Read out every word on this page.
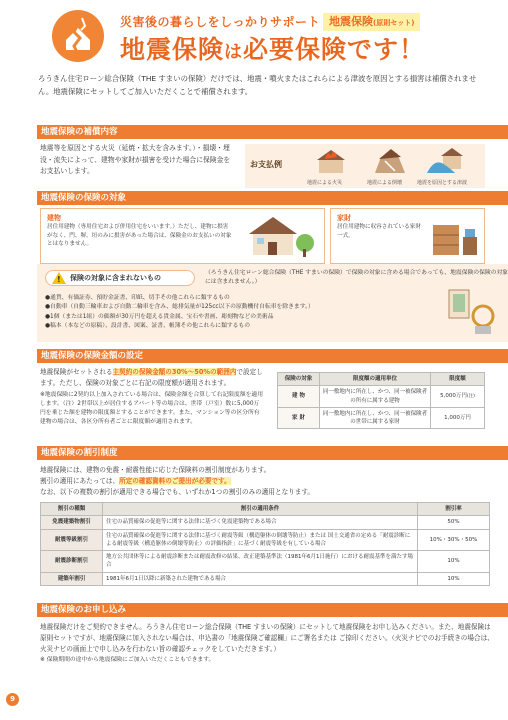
災害後の暮らしをしっかりサポート 地震保険(原則セット)
地震保険は必要保険です！
ろうきん住宅ローン総合保険（THE すまいの保険）だけでは、地震・噴火またはこれらによる津波を原因とする損害は補償されません。地震保険にセットしてご加入いただくことで補償されます。
地震保険の補償内容
地震等を原因とする火災（延焼・拡大を含みます。）・損壊・埋没・流失によって、建物や家財が損害を受けた場合に保険金をお支払いします。
お支払例
地震による火災	地震による倒壊	地震を原因とする津波
地震保険の保険の対象
建物
居住用建物（専用住宅および併用住宅をいいます。）ただし、建物に損害がなく、門、塀、垣のみに損害があった場合は、保険金のお支払いの対象とはなりません。
家財
居住用建物に収容されている家財一式。
!
保険の対象に含まれないもの
（ろうきん住宅ローン総合保険（THE すまいの保険）で保険の対象に含める場合であっても、地震保険の保険の対象には含まれません。）
●通貨、有価証券、預貯金証書、印紙、切手その他これらに類するもの
●自動車（自動三輪車および自動二輪車を含み、総排気量が125cc以下の原動機付自転車を除きます。）
●1個（または1組）の価額が30万円を超える貴金属、宝石や書画、彫刻物などの美術品
●稿本（本などの原稿）、設計書、図案、証書、帳簿その他これらに類するもの
地震保険の保険金額の設定

地震保険がセットされる主契約の保険金額の30%〜50%の範囲内で設定します。ただし、保険の対象ごとに右記の限度額が適用されます。

※地震保険に2契約以上加入されている場合は、保険金額を合算して右記限度額を適用します。（注）2世帯以上が居住するアパート等の場合は、世帯（戸室）数に5,000万円を乗じた額を建物の限度額とすることができます。また、マンション等の区分所有建物の場合は、各区分所有者ごとに限度額が適用されます。

保険の対象	限度額の適用単位	限度額
建 物	同一敷地内に所在し、かつ、同一被保険者の所有に属する建物	5,000万円(注)
家 財	同一敷地内に所在し、かつ、同一被保険者の世帯に属する家財	1,000万円
地震保険の割引制度
地震保険には、建物の免震・耐震性能に応じた保険料の割引制度があります。
割引の適用にあたっては、所定の確認資料のご提出が必要です。
なお、以下の複数の割引が適用できる場合でも、いずれか1つの割引のみの適用となります。
割引の種類	割引の適用条件	割引率
免震建築物割引	住宅の品質確保の促進等に関する法律に基づく免震建築物である場合	50%
耐震等級割引	住宅の品質確保の促進等に関する法律に基づく耐震等級（構造躯体の倒壊等防止）または 国土交通省の定める「耐震診断による耐震等級（構造躯体の倒壊等防止）の評価指針」に基づく耐震等級を有している場合	10%・30%・50%
耐震診断割引	地方公共団体等による耐震診断または耐震改修の結果、改正建築基準法（1981年6月1日施行）における耐震基準を満たす場合	10%
建築年割引	1981年6月1日以降に新築された建物である場合	10%
地震保険のお申し込み

地震保険だけをご契約できません。ろうきん住宅ローン総合保険（THE すまいの保険）にセットして地震保険をお申し込みください。また、地震保険は原則セットですが、地震保険に加入されない場合は、申込書の「地震保険ご確認欄」にご署名または ご捺印ください。（火災ナビでのお手続きの場合は、火災ナビの画面上で申し込みを行わない旨の確認チェックをしていただきます。）

※ 保険期間の途中から地震保険にご加入いただくこともできます。

9
